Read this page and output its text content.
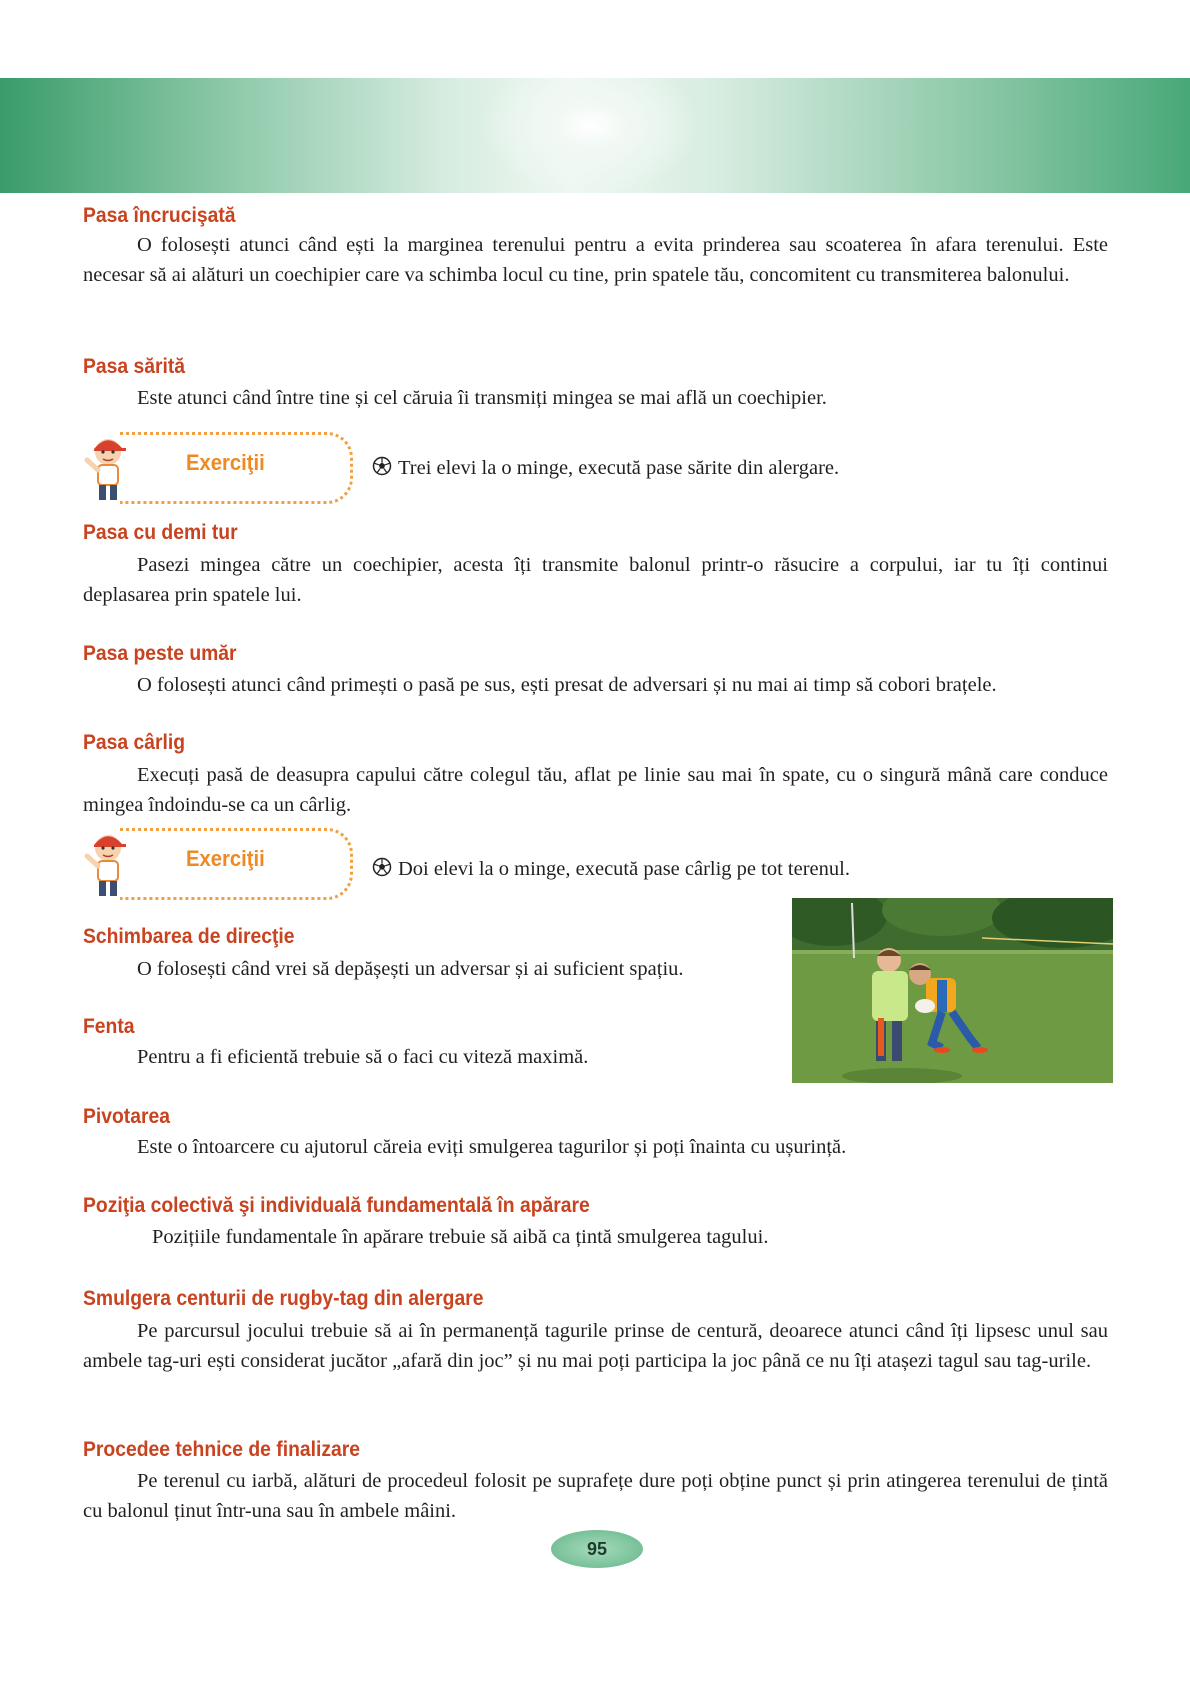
Pasa încrucişată

O folosești atunci când ești la marginea terenului pentru a evita prinderea sau scoaterea în afara terenului. Este necesar să ai alături un coechipier care va schimba locul cu tine, prin spatele tău, concomitent cu transmiterea balonului.

Pasa sărită

Este atunci când între tine și cel căruia îi transmiți mingea se mai află un coechipier.

Exerciţii	Trei elevi la o minge, execută pase sărite din alergare.
Pasa cu demi tur

Pasezi mingea către un coechipier, acesta îți transmite balonul printr-o răsucire a corpului, iar tu îți continui deplasarea prin spatele lui.

Pasa peste umăr

O folosești atunci când primești o pasă pe sus, ești presat de adversari și nu mai ai timp să cobori brațele.

Pasa cârlig

Execuți pasă de deasupra capului către colegul tău, aflat pe linie sau mai în spate, cu o singură mână care conduce mingea îndoindu-se ca un cârlig.

Exerciţii	Doi elevi la o minge, execută pase cârlig pe tot terenul.
Schimbarea de direcţie

O folosești când vrei să depășești un adversar și ai suficient spațiu.

Fenta

Pentru a fi eficientă trebuie să o faci cu viteză maximă.

Pivotarea

Este o întoarcere cu ajutorul căreia eviți smulgerea tagurilor și poți înainta cu ușurință.

Poziţia colectivă şi individuală fundamentală în apărare

Pozițiile fundamentale în apărare trebuie să aibă ca țintă smulgerea tagului.

Smulgera centurii de rugby-tag din alergare

Pe parcursul jocului trebuie să ai în permanență tagurile prinse de centură, deoarece atunci când îți lipsesc unul sau ambele tag-uri ești considerat jucător „afară din joc” și nu mai poți participa la joc până ce nu îți atașezi tagul sau tag-urile.

Procedee tehnice de finalizare

Pe terenul cu iarbă, alături de procedeul folosit pe suprafețe dure poți obține punct și prin atingerea terenului de țintă cu balonul ținut într-una sau în ambele mâini.

95
